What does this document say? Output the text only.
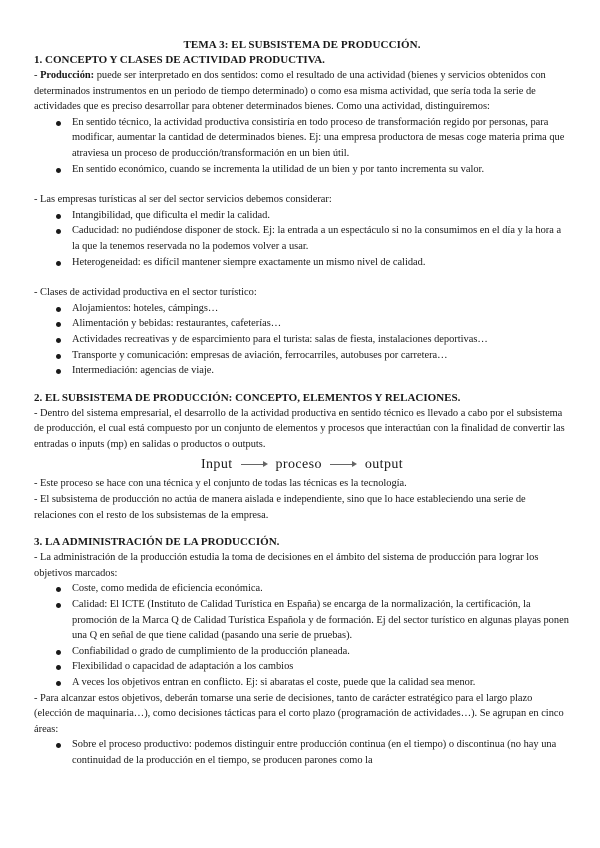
TEMA 3: EL SUBSISTEMA DE PRODUCCIÓN.
1. CONCEPTO Y CLASES DE ACTIVIDAD PRODUCTIVA.

- Producción: puede ser interpretado en dos sentidos: como el resultado de una actividad (bienes y servicios obtenidos con determinados instrumentos en un periodo de tiempo determinado) o como esa misma actividad, que sería toda la serie de actividades que es preciso desarrollar para obtener determinados bienes. Como una actividad, distinguiremos:

En sentido técnico, la actividad productiva consistiría en todo proceso de transformación regido por personas, para modificar, aumentar la cantidad de determinados bienes. Ej: una empresa productora de mesas coge materia prima que atraviesa un proceso de producción/transformación en un bien útil.
En sentido económico, cuando se incrementa la utilidad de un bien y por tanto incrementa su valor.

- Las empresas turísticas al ser del sector servicios debemos considerar:

Intangibilidad, que dificulta el medir la calidad.
Caducidad: no pudiéndose disponer de stock. Ej: la entrada a un espectáculo si no la consumimos en el día y la hora a la que la tenemos reservada no la podemos volver a usar.
Heterogeneidad: es difícil mantener siempre exactamente un mismo nivel de calidad.

- Clases de actividad productiva en el sector turístico:

Alojamientos: hoteles, cámpings…
Alimentación y bebidas: restaurantes, cafeterías…
Actividades recreativas y de esparcimiento para el turista: salas de fiesta, instalaciones deportivas…
Transporte y comunicación: empresas de aviación, ferrocarriles, autobuses por carretera…
Intermediación: agencias de viaje.
2. EL SUBSISTEMA DE PRODUCCIÓN: CONCEPTO, ELEMENTOS Y RELACIONES.

- Dentro del sistema empresarial, el desarrollo de la actividad productiva en sentido técnico es llevado a cabo por el subsistema de producción, el cual está compuesto por un conjunto de elementos y procesos que interactúan con la finalidad de convertir las entradas o inputs (mp) en salidas o productos o outputs.

Input	proceso	output

- Este proceso se hace con una técnica y el conjunto de todas las técnicas es la tecnología.

- El subsistema de producción no actúa de manera aislada e independiente, sino que lo hace estableciendo una serie de relaciones con el resto de los subsistemas de la empresa.

3. LA ADMINISTRACIÓN DE LA PRODUCCIÓN.

- La administración de la producción estudia la toma de decisiones en el ámbito del sistema de producción para lograr los objetivos marcados:

Coste, como medida de eficiencia económica.
Calidad: El ICTE (Instituto de Calidad Turística en España) se encarga de la normalización, la certificación, la promoción de la Marca Q de Calidad Turística Española y de formación. Ej del sector turístico en algunas playas ponen una Q en señal de que tiene calidad (pasando una serie de pruebas).
Confiabilidad o grado de cumplimiento de la producción planeada.
Flexibilidad o capacidad de adaptación a los cambios
A veces los objetivos entran en conflicto. Ej: si abaratas el coste, puede que la calidad sea menor.

- Para alcanzar estos objetivos, deberán tomarse una serie de decisiones, tanto de carácter estratégico para el largo plazo (elección de maquinaria…), como decisiones tácticas para el corto plazo (programación de actividades…). Se agrupan en cinco áreas:

Sobre el proceso productivo: podemos distinguir entre producción continua (en el tiempo) o discontinua (no hay una continuidad de la producción en el tiempo, se producen parones como la
